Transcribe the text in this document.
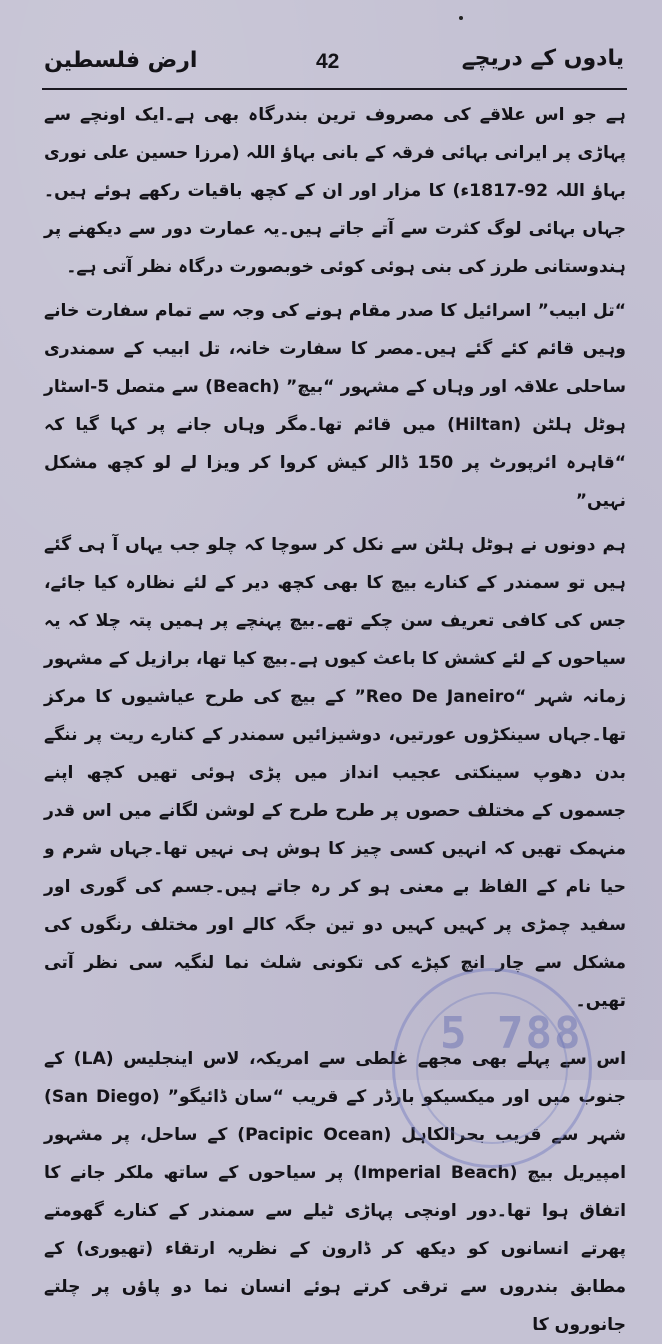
ارض فلسطین	42	یادوں کے دریچے

ہے جو اس علاقے کی مصروف ترین بندرگاہ بھی ہے۔ایک اونچے سے پہاڑی پر ایرانی بہائی فرقہ کے بانی بہاؤ اللہ (مرزا حسین علی نوری بہاؤ اللہ 92-1817ء) کا مزار اور ان کے کچھ باقیات رکھے ہوئے ہیں۔جہاں بہائی لوگ کثرت سے آتے جاتے ہیں۔یہ عمارت دور سے دیکھنے پر ہندوستانی طرز کی بنی ہوئی کوئی خوبصورت درگاہ نظر آتی ہے۔

“تل ابیب” اسرائیل کا صدر مقام ہونے کی وجہ سے تمام سفارت خانے وہیں قائم کئے گئے ہیں۔مصر کا سفارت خانہ، تل ابیب کے سمندری ساحلی علاقہ اور وہاں کے مشہور “بیچ” (Beach) سے متصل 5-اسٹار ہوٹل ہلٹن (Hiltan) میں قائم تھا۔مگر وہاں جانے پر کہا گیا کہ “قاہرہ ائرپورٹ پر 150 ڈالر کیش کروا کر ویزا لے لو کچھ مشکل نہیں”

ہم دونوں نے ہوٹل ہلٹن سے نکل کر سوچا کہ چلو جب یہاں آ ہی گئے ہیں تو سمندر کے کنارے بیچ کا بھی کچھ دیر کے لئے نظارہ کیا جائے، جس کی کافی تعریف سن چکے تھے۔بیچ پہنچے پر ہمیں پتہ چلا کہ یہ سیاحوں کے لئے کشش کا باعث کیوں ہے۔بیچ کیا تھا، برازیل کے مشہور زمانہ شہر “Reo De Janeiro” کے بیچ کی طرح عیاشیوں کا مرکز تھا۔جہاں سینکڑوں عورتیں، دوشیزائیں سمندر کے کنارے ریت پر ننگے بدن دھوپ سینکتی عجیب انداز میں پڑی ہوئی تھیں کچھ اپنے جسموں کے مختلف حصوں پر طرح طرح کے لوشن لگانے میں اس قدر منہمک تھیں کہ انہیں کسی چیز کا ہوش ہی نہیں تھا۔جہاں شرم و حیا نام کے الفاظ بے معنی ہو کر رہ جاتے ہیں۔جسم کی گوری اور سفید چمڑی پر کہیں کہیں دو تین جگہ کالے اور مختلف رنگوں کی مشکل سے چار انچ کپڑے کی تکونی شلث نما لنگیہ سی نظر آتی تھیں۔

اس سے پہلے بھی مجھے غلطی سے امریکہ، لاس اینجلیس (LA) کے جنوب میں اور میکسیکو بارڈر کے قریب “سان ڈائیگو” (San Diego) شہر سے قریب بحرالکاہل (Pacipic Ocean) کے ساحل، پر مشہور امپیریل بیچ (Imperial Beach) پر سیاحوں کے ساتھ ملکر جانے کا اتفاق ہوا تھا۔دور اونچی پہاڑی ٹیلے سے سمندر کے کنارے گھومتے پھرتے انسانوں کو دیکھ کر ڈارون کے نظریہ ارتقاء (تھیوری) کے مطابق بندروں سے ترقی کرتے ہوئے انسان نما دو پاؤں پر چلتے جانوروں کا

5 788
